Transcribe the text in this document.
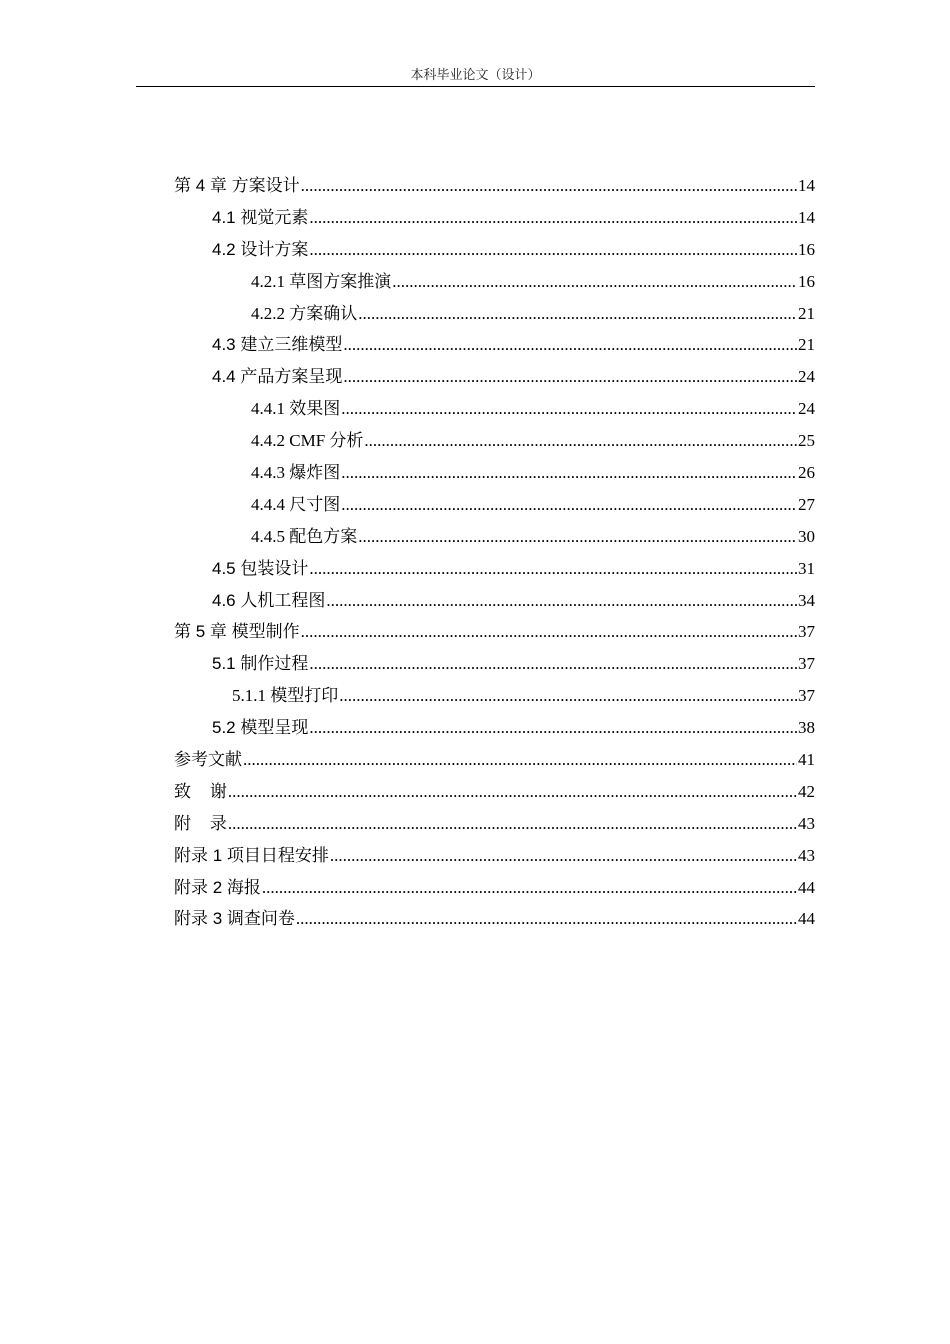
本科毕业论文（设计）
第 4 章 方案设计 .....	14
4.1 视觉元素 .....	14
4.2 设计方案 .....	16
4.2.1 草图方案推演 .....	16
4.2.2 方案确认 .....	21
4.3 建立三维模型 .....	21
4.4 产品方案呈现 .....	24
4.4.1 效果图 .....	24
4.4.2 CMF 分析 .....	25
4.4.3 爆炸图 .....	26
4.4.4 尺寸图 .....	27
4.4.5 配色方案 .....	30
4.5 包装设计 .....	31
4.6 人机工程图 .....	34
第 5 章 模型制作 .....	37
5.1 制作过程 .....	37
5.1.1 模型打印 .....	37
5.2 模型呈现 .....	38
参考文献 .....	41
致    谢 .....	42
附    录 .....	43
附录 1 项目日程安排 .....	43
附录 2 海报 .....	44
附录 3 调查问卷 .....	44
